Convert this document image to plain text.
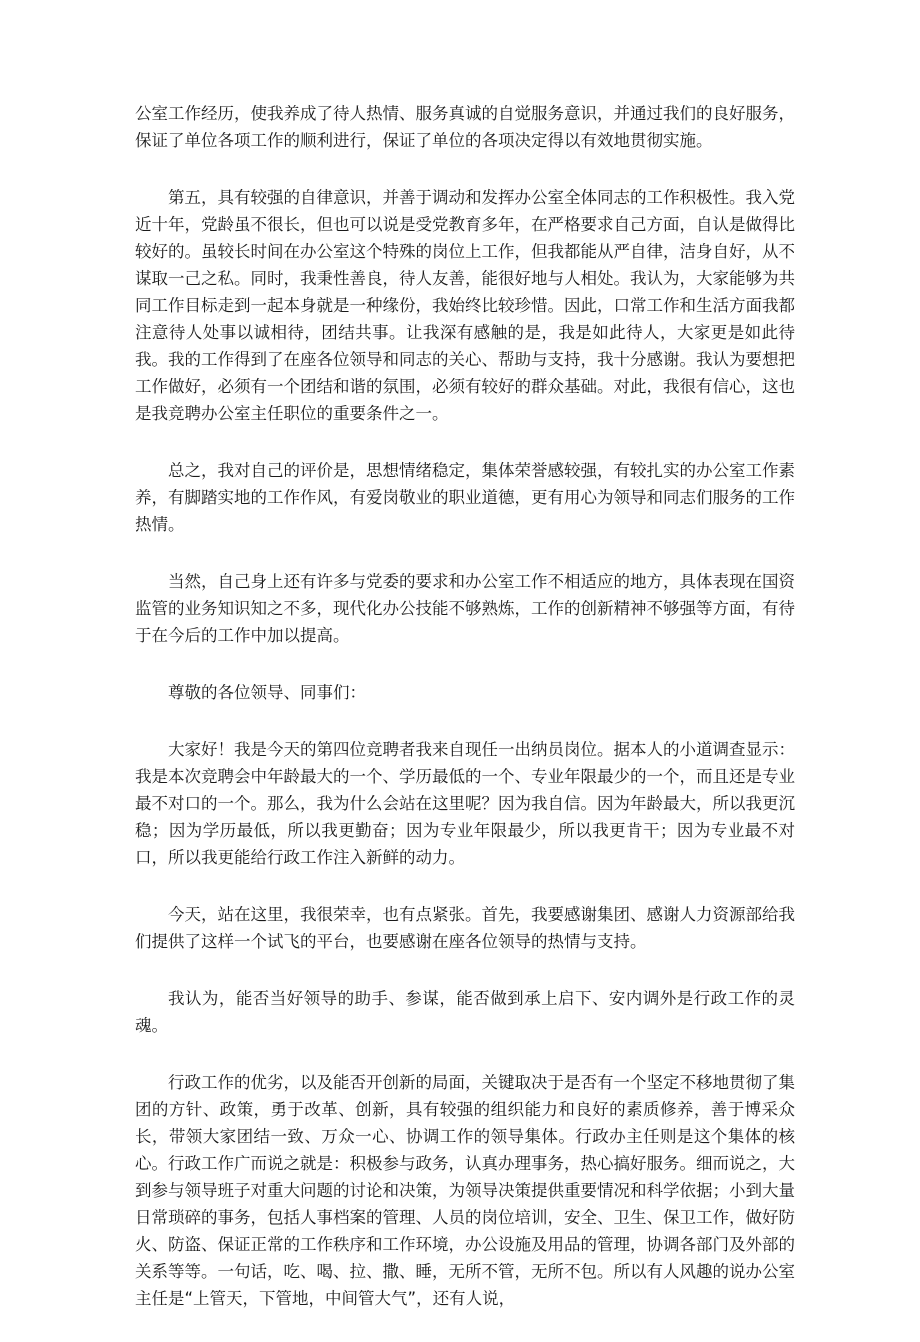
公室工作经历，使我养成了待人热情、服务真诚的自觉服务意识，并通过我们的良好服务，保证了单位各项工作的顺利进行，保证了单位的各项决定得以有效地贯彻实施。

第五，具有较强的自律意识，并善于调动和发挥办公室全体同志的工作积极性。我入党近十年，党龄虽不很长，但也可以说是受党教育多年，在严格要求自己方面，自认是做得比较好的。虽较长时间在办公室这个特殊的岗位上工作，但我都能从严自律，洁身自好，从不谋取一己之私。同时，我秉性善良，待人友善，能很好地与人相处。我认为，大家能够为共同工作目标走到一起本身就是一种缘份，我始终比较珍惜。因此，口常工作和生活方面我都注意待人处事以诚相待，团结共事。让我深有感触的是，我是如此待人，大家更是如此待我。我的工作得到了在座各位领导和同志的关心、帮助与支持，我十分感谢。我认为要想把工作做好，必须有一个团结和谐的氛围，必须有较好的群众基础。对此，我很有信心，这也是我竞聘办公室主任职位的重要条件之一。

总之，我对自己的评价是，思想情绪稳定，集体荣誉感较强，有较扎实的办公室工作素养，有脚踏实地的工作作风，有爱岗敬业的职业道德，更有用心为领导和同志们服务的工作热情。

当然，自己身上还有许多与党委的要求和办公室工作不相适应的地方，具体表现在国资监管的业务知识知之不多，现代化办公技能不够熟炼，工作的创新精神不够强等方面，有待于在今后的工作中加以提高。

尊敬的各位领导、同事们：

大家好！我是今天的第四位竞聘者我来自现任一出纳员岗位。据本人的小道调查显示：我是本次竞聘会中年龄最大的一个、学历最低的一个、专业年限最少的一个，而且还是专业最不对口的一个。那么，我为什么会站在这里呢？因为我自信。因为年龄最大，所以我更沉稳；因为学历最低，所以我更勤奋；因为专业年限最少，所以我更肯干；因为专业最不对口，所以我更能给行政工作注入新鲜的动力。

今天，站在这里，我很荣幸，也有点紧张。首先，我要感谢集团、感谢人力资源部给我们提供了这样一个试飞的平台，也要感谢在座各位领导的热情与支持。

我认为，能否当好领导的助手、参谋，能否做到承上启下、安内调外是行政工作的灵魂。

行政工作的优劣，以及能否开创新的局面，关键取决于是否有一个坚定不移地贯彻了集团的方针、政策，勇于改革、创新，具有较强的组织能力和良好的素质修养，善于博采众长，带领大家团结一致、万众一心、协调工作的领导集体。行政办主任则是这个集体的核心。行政工作广而说之就是：积极参与政务，认真办理事务，热心搞好服务。细而说之，大到参与领导班子对重大问题的讨论和决策，为领导决策提供重要情况和科学依据；小到大量日常琐碎的事务，包括人事档案的管理、人员的岗位培训，安全、卫生、保卫工作，做好防火、防盗、保证正常的工作秩序和工作环境，办公设施及用品的管理，协调各部门及外部的关系等等。一句话，吃、喝、拉、撒、睡，无所不管，无所不包。所以有人风趣的说办公室主任是“上管天，下管地，中间管大气”，还有人说，
